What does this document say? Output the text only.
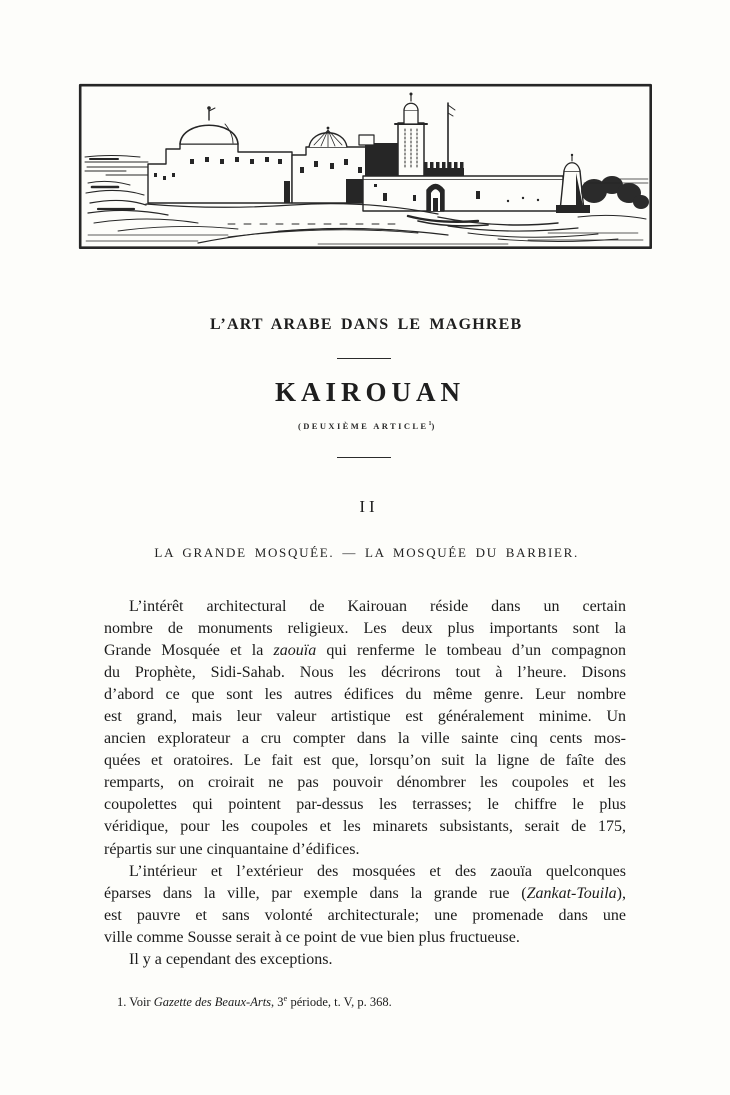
L’ART ARABE DANS LE MAGHREB
KAIROUAN
(DEUXIÈME ARTICLE$^1$)
II
LA GRANDE MOSQUÉE. — LA MOSQUÉE DU BARBIER.
L’intérêt architectural de Kairouan réside dans un certain
nombre de monuments religieux. Les deux plus importants sont la
Grande Mosquée et la zaouïa qui renferme le tombeau d’un compagnon
du Prophète, Sidi-Sahab. Nous les décrirons tout à l’heure. Disons
d’abord ce que sont les autres édifices du même genre. Leur nombre
est grand, mais leur valeur artistique est généralement minime. Un
ancien explorateur a cru compter dans la ville sainte cinq cents mos-
quées et oratoires. Le fait est que, lorsqu’on suit la ligne de faîte des
remparts, on croirait ne pas pouvoir dénombrer les coupoles et les
coupolettes qui pointent par-dessus les terrasses; le chiffre le plus
véridique, pour les coupoles et les minarets subsistants, serait de 175,
répartis sur une cinquantaine d’édifices.
L’intérieur et l’extérieur des mosquées et des zaouïa quelconques
éparses dans la ville, par exemple dans la grande rue (Zankat-Touila),
est pauvre et sans volonté architecturale; une promenade dans une
ville comme Sousse serait à ce point de vue bien plus fructueuse.
Il y a cependant des exceptions.
1. Voir Gazette des Beaux-Arts, 3e période, t. V, p. 368.
